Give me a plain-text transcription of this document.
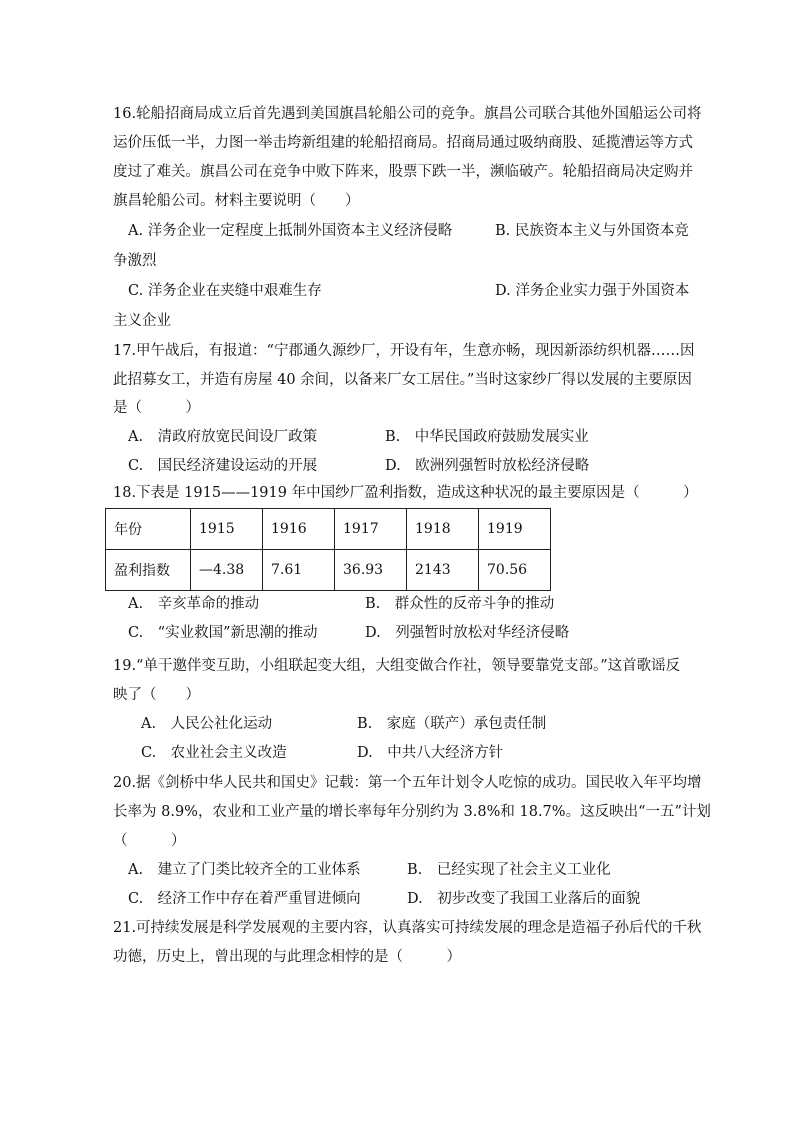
16.轮船招商局成立后首先遇到美国旗昌轮船公司的竞争。旗昌公司联合其他外国船运公司将
运价压低一半，力图一举击垮新组建的轮船招商局。招商局通过吸纳商股、延揽漕运等方式
度过了难关。旗昌公司在竞争中败下阵来，股票下跌一半，濒临破产。轮船招商局决定购并
旗昌轮船公司。材料主要说明（　　）
A. 洋务企业一定程度上抵制外国资本主义经济侵略	B. 民族资本主义与外国资本竞
争激烈
C. 洋务企业在夹缝中艰难生存	D. 洋务企业实力强于外国资本
主义企业
17.甲午战后，有报道：“宁郡通久源纱厂，开设有年，生意亦畅，现因新添纺织机器……因
此招募女工，并造有房屋 40 余间，以备来厂女工居住。”当时这家纱厂得以发展的主要原因
是（　　　）
A.　清政府放宽民间设厂政策	B.　中华民国政府鼓励发展实业
C.　国民经济建设运动的开展	D.　欧洲列强暂时放松经济侵略
18.下表是 1915——1919 年中国纱厂盈利指数，造成这种状况的最主要原因是（　　　）
年份	1915	1916	1917	1918	1919
盈利指数	—4.38	7.61	36.93	2143	70.56
A.　辛亥革命的推动	B.　群众性的反帝斗争的推动
C.　“实业救国”新思潮的推动	D.　列强暂时放松对华经济侵略
19.“单干邀伴变互助，小组联起变大组，大组变做合作社，领导要靠党支部。”这首歌谣反
映了（　　）
A.　人民公社化运动	B.　家庭（联产）承包责任制
C.　农业社会主义改造	D.　中共八大经济方针
20.据《剑桥中华人民共和国史》记载：第一个五年计划令人吃惊的成功。国民收入年平均增
长率为 8.9%，农业和工业产量的增长率每年分别约为 3.8%和 18.7%。这反映出“一五”计划
（　　　）
A.　建立了门类比较齐全的工业体系	B.　已经实现了社会主义工业化
C.　经济工作中存在着严重冒进倾向	D.　初步改变了我国工业落后的面貌
21.可持续发展是科学发展观的主要内容，认真落实可持续发展的理念是造福子孙后代的千秋
功德，历史上，曾出现的与此理念相悖的是（　　　）
